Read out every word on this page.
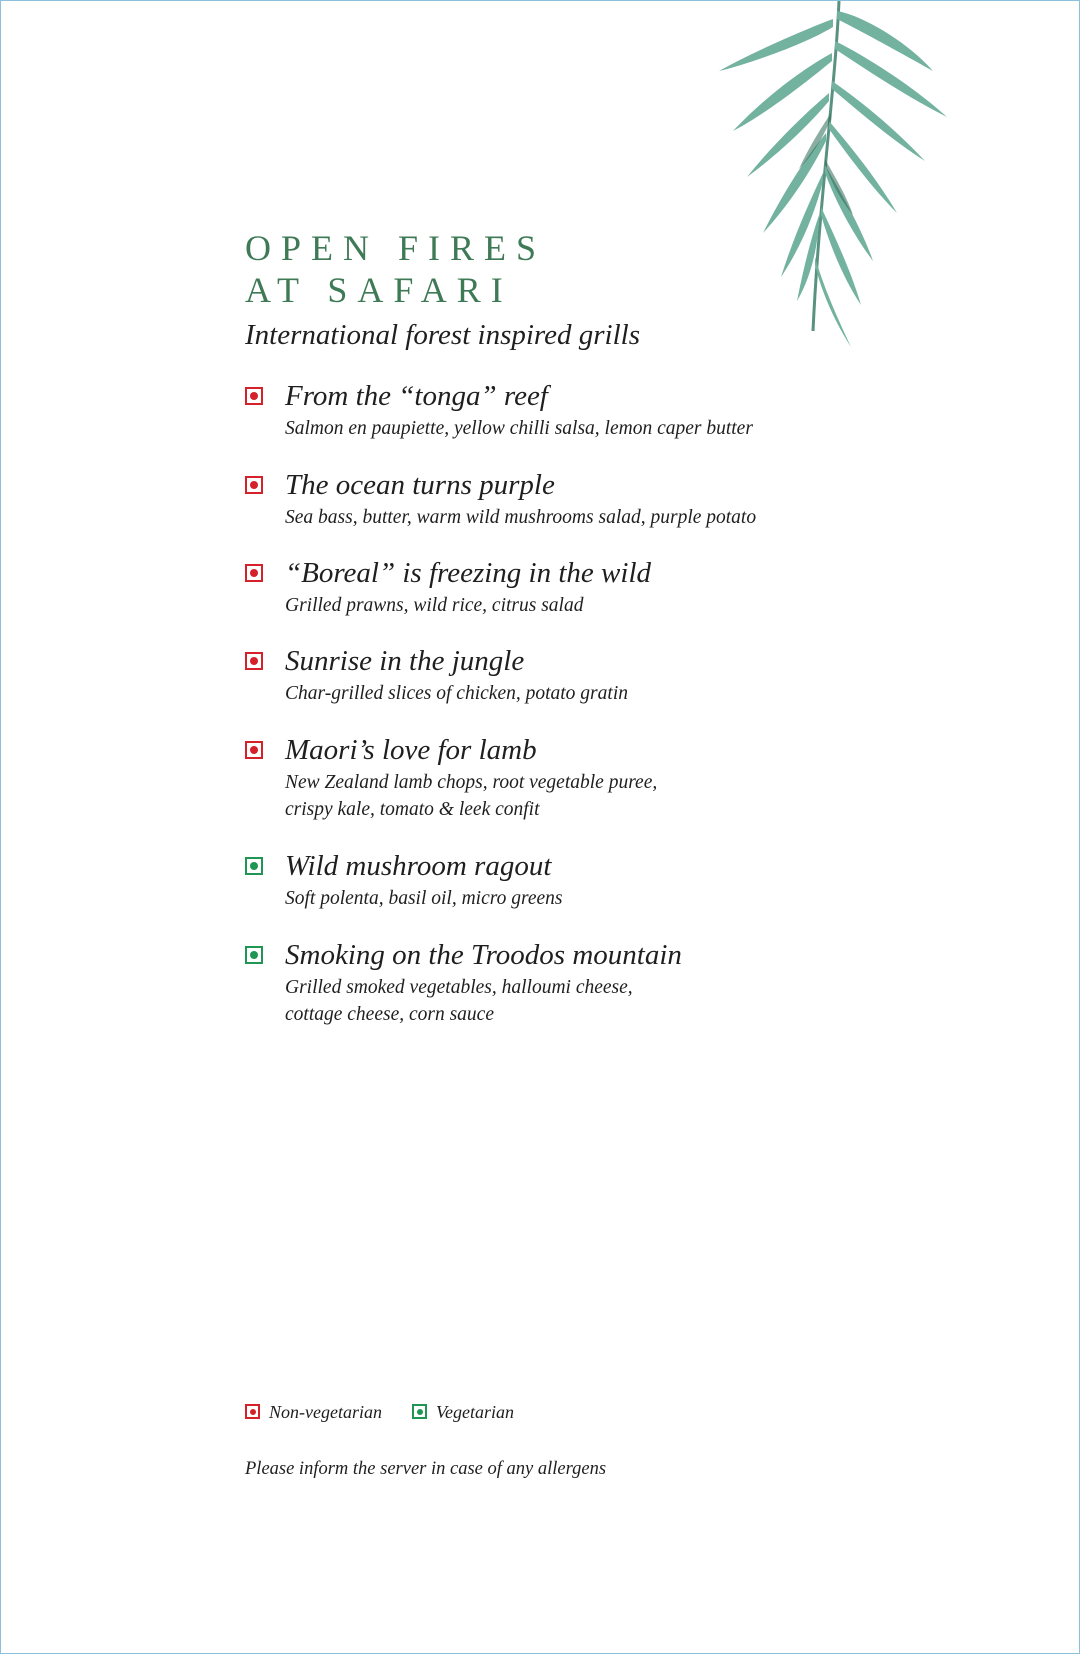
OPEN FIRES
AT SAFARI

International forest inspired grills

From the “tonga” reef
Salmon en paupiette, yellow chilli salsa, lemon caper butter
The ocean turns purple
Sea bass, butter, warm wild mushrooms salad, purple potato
“Boreal” is freezing in the wild
Grilled prawns, wild rice, citrus salad
Sunrise in the jungle
Char-grilled slices of chicken, potato gratin
Maori’s love for lamb
New Zealand lamb chops, root vegetable puree,
crispy kale, tomato & leek confit
Wild mushroom ragout
Soft polenta, basil oil, micro greens
Smoking on the Troodos mountain
Grilled smoked vegetables, halloumi cheese,
cottage cheese, corn sauce
Non-vegetarian	Vegetarian
Please inform the server in case of any allergens
